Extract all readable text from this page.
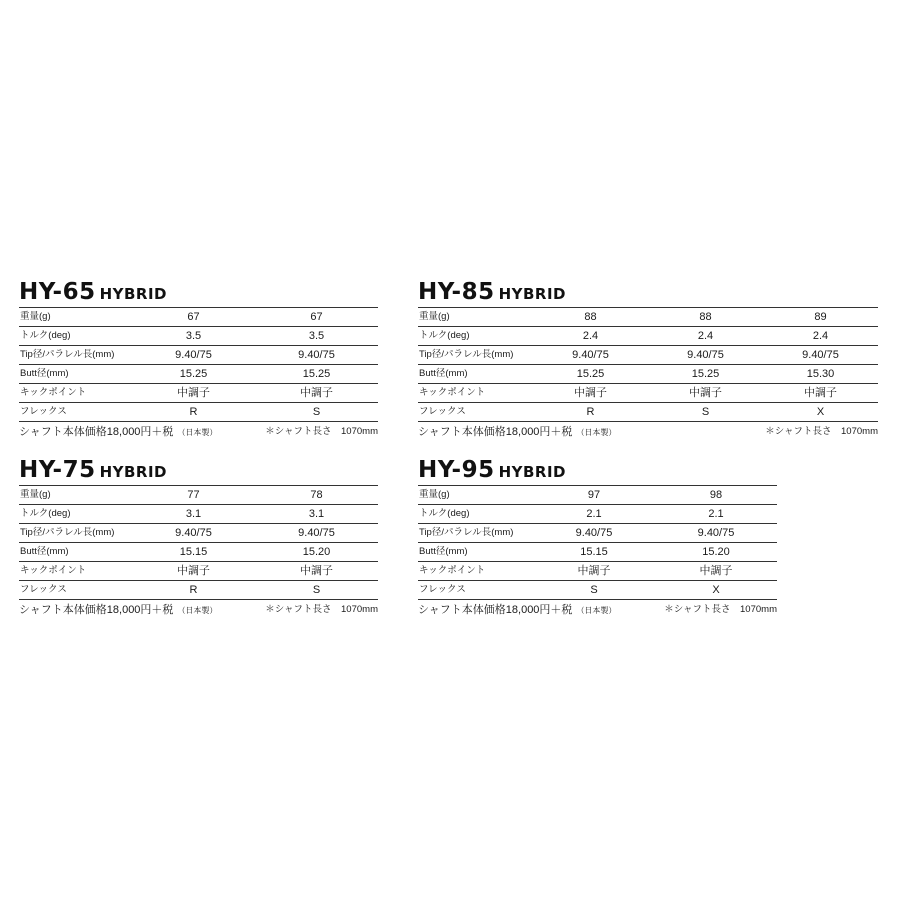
HY-65 HYBRID
重量(g)	67	67
トルク(deg)	3.5	3.5
Tip径/パラレル長(mm)	9.40/75	9.40/75
Butt径(mm)	15.25	15.25
キックポイント	中調子	中調子
フレックス	R	S
シャフト本体価格18,000円＋税 （日本製）	＊シャフト長さ　1070mm
HY-85 HYBRID
重量(g)	88	88	89
トルク(deg)	2.4	2.4	2.4
Tip径/パラレル長(mm)	9.40/75	9.40/75	9.40/75
Butt径(mm)	15.25	15.25	15.30
キックポイント	中調子	中調子	中調子
フレックス	R	S	X
シャフト本体価格18,000円＋税 （日本製）	＊シャフト長さ　1070mm
HY-75 HYBRID
重量(g)	77	78
トルク(deg)	3.1	3.1
Tip径/パラレル長(mm)	9.40/75	9.40/75
Butt径(mm)	15.15	15.20
キックポイント	中調子	中調子
フレックス	R	S
シャフト本体価格18,000円＋税 （日本製）	＊シャフト長さ　1070mm
HY-95 HYBRID
重量(g)	97	98
トルク(deg)	2.1	2.1
Tip径/パラレル長(mm)	9.40/75	9.40/75
Butt径(mm)	15.15	15.20
キックポイント	中調子	中調子
フレックス	S	X
シャフト本体価格18,000円＋税 （日本製）	＊シャフト長さ　1070mm
